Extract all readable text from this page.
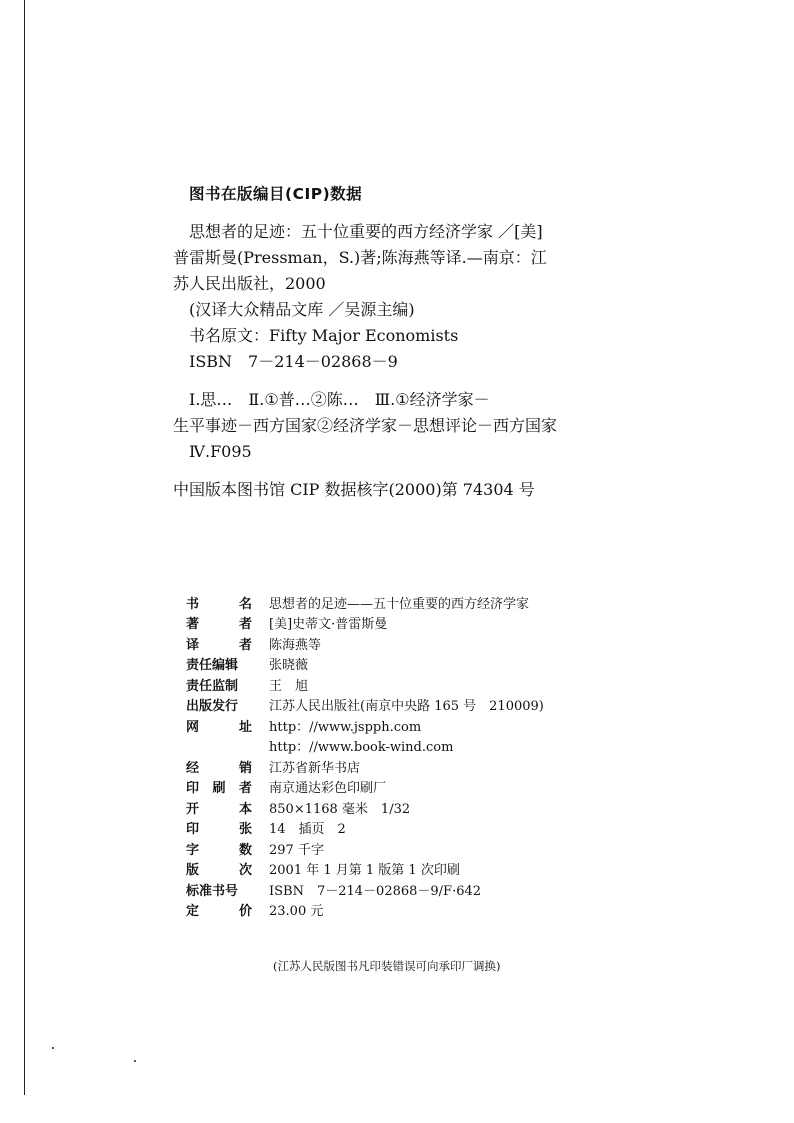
图书在版编目(CIP)数据

思想者的足迹：五十位重要的西方经济学家 ／[美]

普雷斯曼(Pressman，S.)著;陈海燕等译.—南京：江

苏人民出版社，2000

(汉译大众精品文库 ／吴源主编)

书名原文：Fifty Major Economists

ISBN　7－214－02868－9

Ⅰ.思…　Ⅱ.①普…②陈…　Ⅲ.①经济学家－

生平事迹－西方国家②经济学家－思想评论－西方国家

Ⅳ.F095

中国版本图书馆 CIP 数据核字(2000)第 74304 号

书 名	思想者的足迹——五十位重要的西方经济学家

著 者	[美]史蒂文·普雷斯曼

译 者	陈海燕等

责任编辑	张晓薇

责任监制	王　旭

出版发行	江苏人民出版社(南京中央路 165 号　210009)

网 址	http：//www.jspph.com

	http：//www.book-wind.com

经 销	江苏省新华书店

印 刷 者	南京通达彩色印刷厂

开 本	850×1168 毫米　1/32

印 张	14　插页　2

字 数	297 千字

版 次	2001 年 1 月第 1 版第 1 次印刷

标准书号	ISBN　7－214－02868－9/F·642

定 价	23.00 元
(江苏人民版图书凡印装错误可向承印厂调换)
